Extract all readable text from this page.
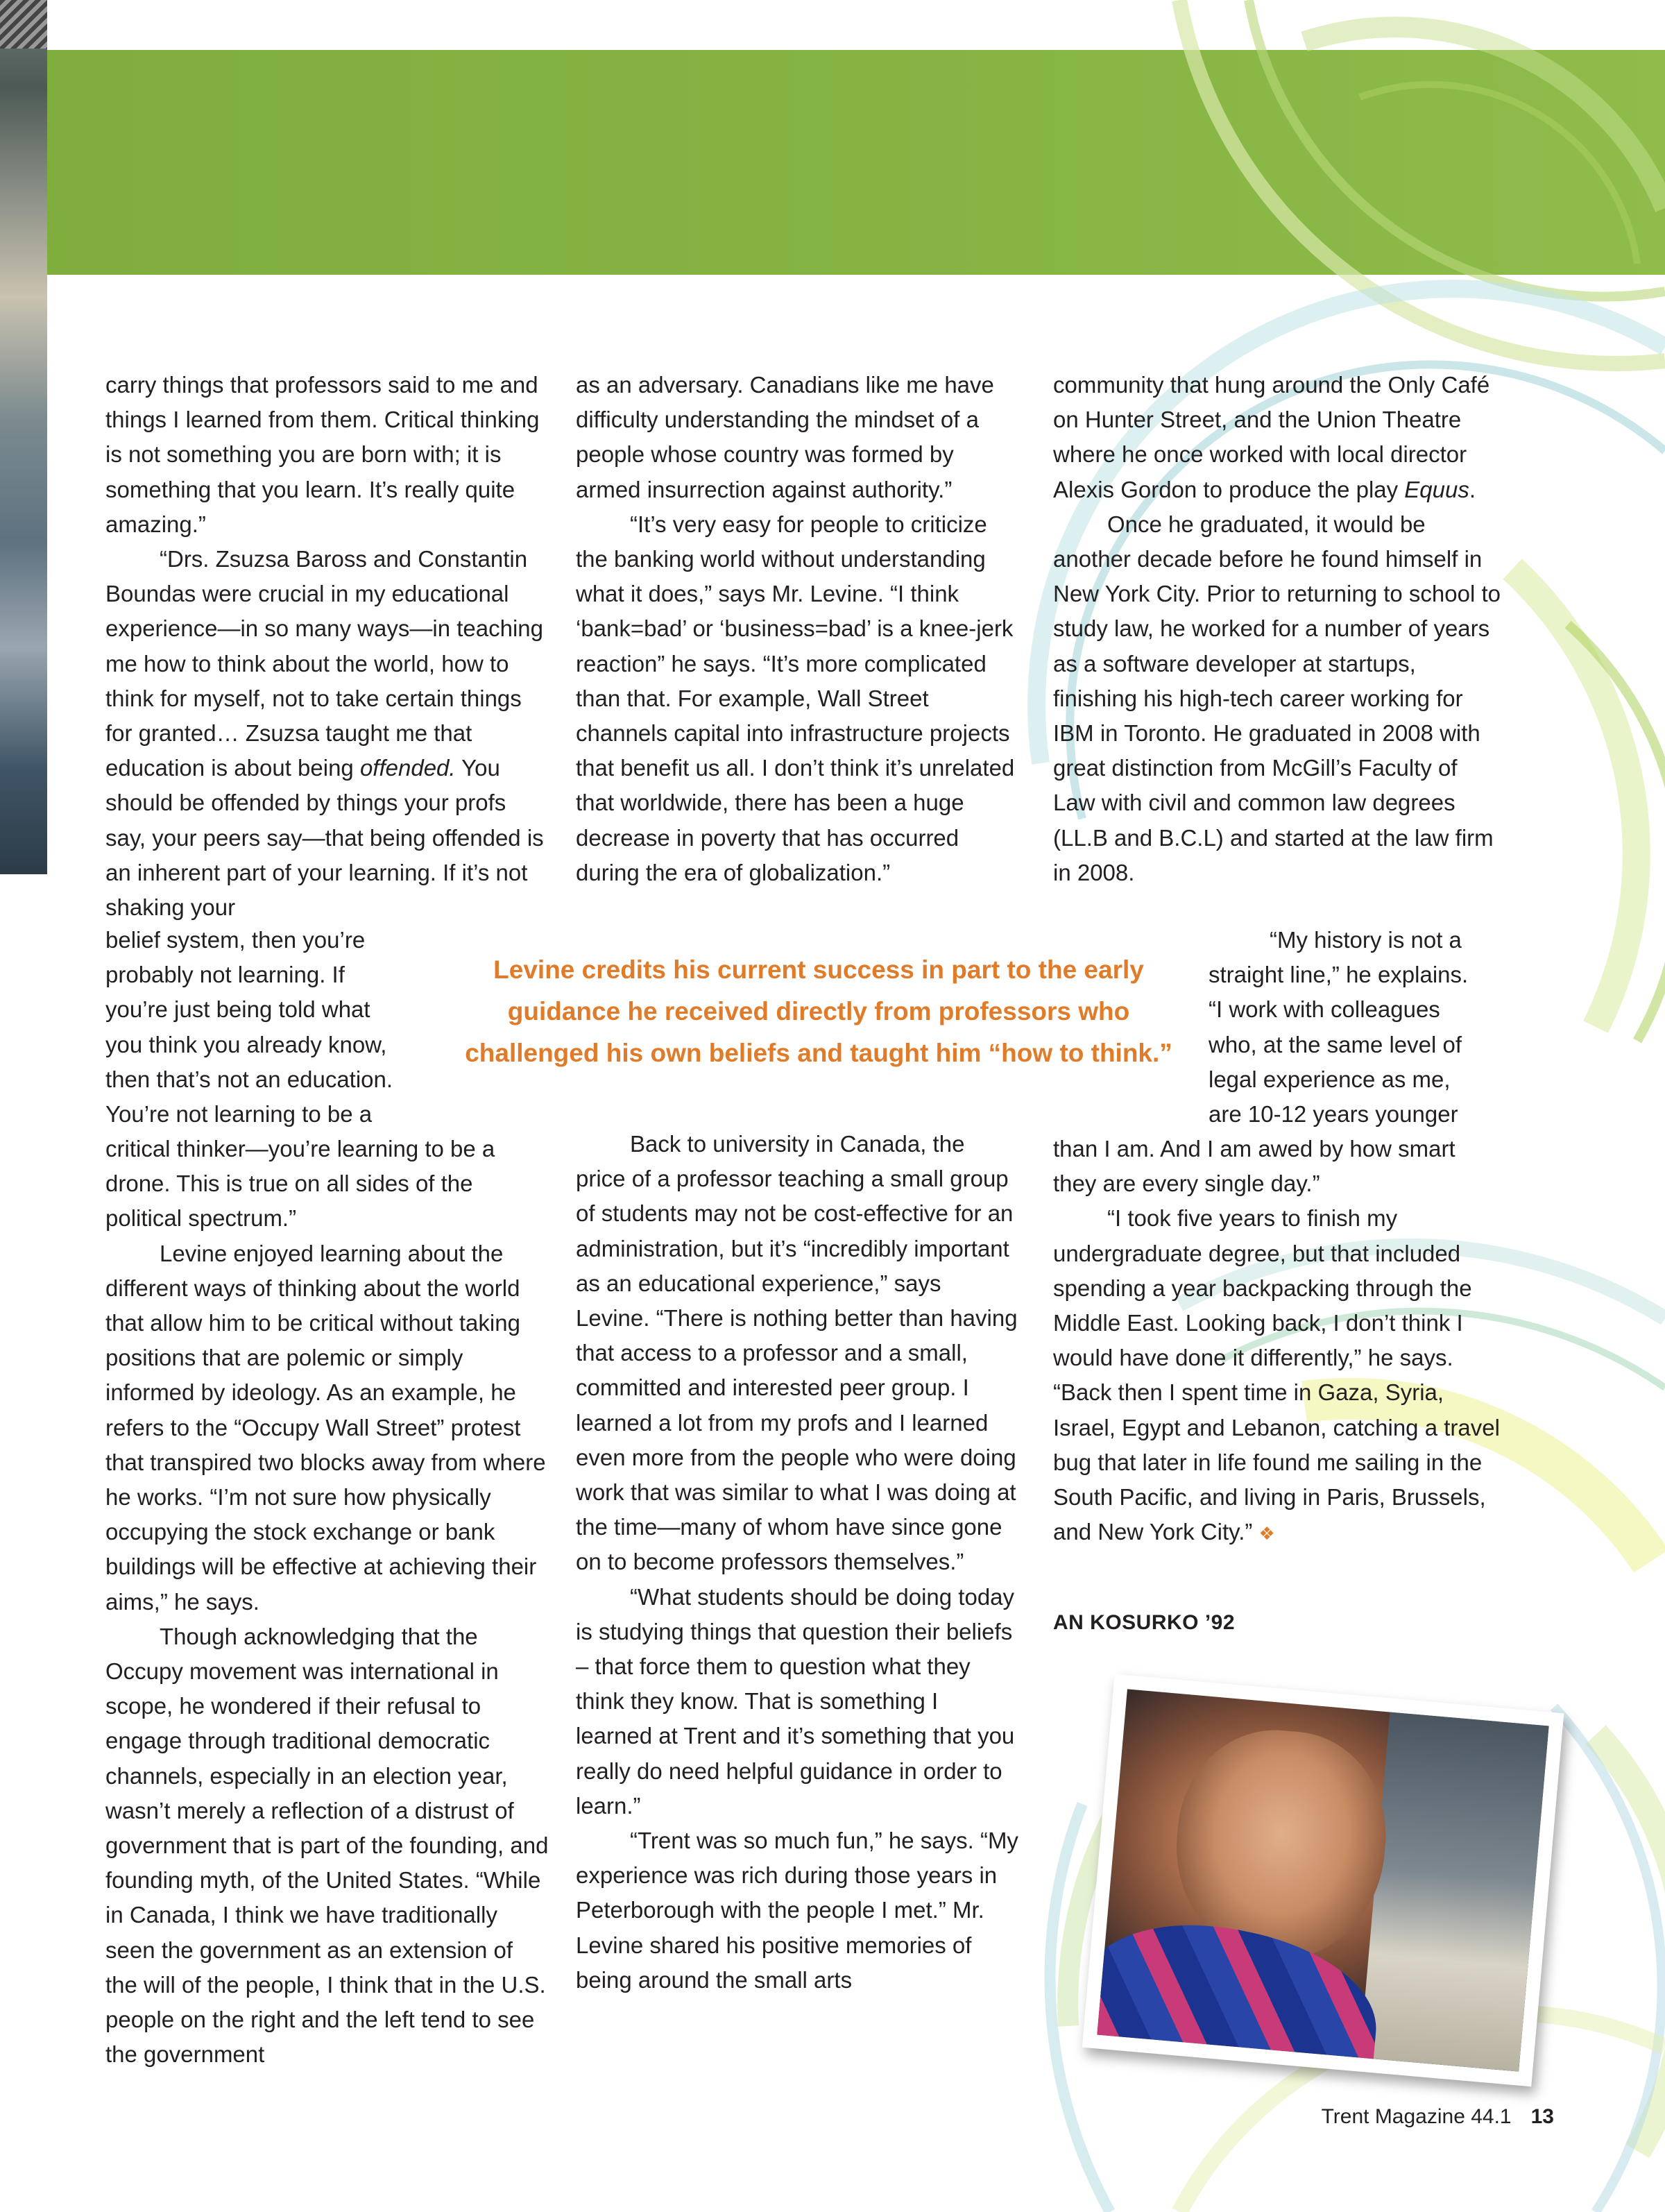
carry things that professors said to me and things I learned from them. Critical thinking is not something you are born with; it is something that you learn. It’s really quite amazing.”

“Drs. Zsuzsa Baross and Constantin Boundas were crucial in my educational experience—in so many ways—in teaching me how to think about the world, how to think for myself, not to take certain things for granted… Zsuzsa taught me that education is about being offended. You should be offended by things your profs say, your peers say—that being offended is an inherent part of your learning. If it’s not shaking your

belief system, then you’re
probably not learning. If
you’re just being told what
you think you already know,
then that’s not an education.
You’re not learning to be a

critical thinker—you’re learning to be a drone. This is true on all sides of the political spectrum.”

Levine enjoyed learning about the different ways of thinking about the world that allow him to be critical without taking positions that are polemic or simply informed by ideology. As an example, he refers to the “Occupy Wall Street” protest that transpired two blocks away from where he works. “I’m not sure how physically occupying the stock exchange or bank buildings will be effective at achieving their aims,” he says.

Though acknowledging that the Occupy movement was international in scope, he wondered if their refusal to engage through traditional democratic channels, especially in an election year, wasn’t merely a reflection of a distrust of government that is part of the founding, and founding myth, of the United States. “While in Canada, I think we have traditionally seen the government as an extension of the will of the people, I think that in the U.S. people on the right and the left tend to see the government

as an adversary. Canadians like me have difficulty understanding the mindset of a people whose country was formed by armed insurrection against authority.”

“It’s very easy for people to criticize the banking world without understanding what it does,” says Mr. Levine. “I think ‘bank=bad’ or ‘business=bad’ is a knee-jerk reaction” he says. “It’s more complicated than that. For example, Wall Street channels capital into infrastructure projects that benefit us all. I don’t think it’s unrelated that worldwide, there has been a huge decrease in poverty that has occurred during the era of globalization.”

Levine credits his current success in part to the early guidance he received directly from professors who challenged his own beliefs and taught him “how to think.”

Back to university in Canada, the price of a professor teaching a small group of students may not be cost-effective for an administration, but it’s “incredibly important as an educational experience,” says Levine. “There is nothing better than having that access to a professor and a small, committed and interested peer group. I learned a lot from my profs and I learned even more from the people who were doing work that was similar to what I was doing at the time—many of whom have since gone on to become professors themselves.”

“What students should be doing today is studying things that question their beliefs – that force them to question what they think they know. That is something I learned at Trent and it’s something that you really do need helpful guidance in order to learn.”

“Trent was so much fun,” he says. “My experience was rich during those years in Peterborough with the people I met.” Mr. Levine shared his positive memories of being around the small arts

community that hung around the Only Café on Hunter Street, and the Union Theatre where he once worked with local director Alexis Gordon to produce the play Equus.

Once he graduated, it would be another decade before he found himself in New York City. Prior to returning to school to study law, he worked for a number of years as a software developer at startups, finishing his high-tech career working for IBM in Toronto. He graduated in 2008 with great distinction from McGill’s Faculty of Law with civil and common law degrees (LL.B and B.C.L) and started at the law firm in 2008.

“My history is not a
straight line,” he explains.
“I work with colleagues
who, at the same level of
legal experience as me,
are 10-12 years younger

than I am. And I am awed by how smart they are every single day.”

“I took five years to finish my undergraduate degree, but that included spending a year backpacking through the Middle East. Looking back, I don’t think I would have done it differently,” he says. “Back then I spent time in Gaza, Syria, Israel, Egypt and Lebanon, catching a travel bug that later in life found me sailing in the South Pacific, and living in Paris, Brussels, and New York City.” ❖

AN KOSURKO ’92
Trent Magazine 44.1 13
